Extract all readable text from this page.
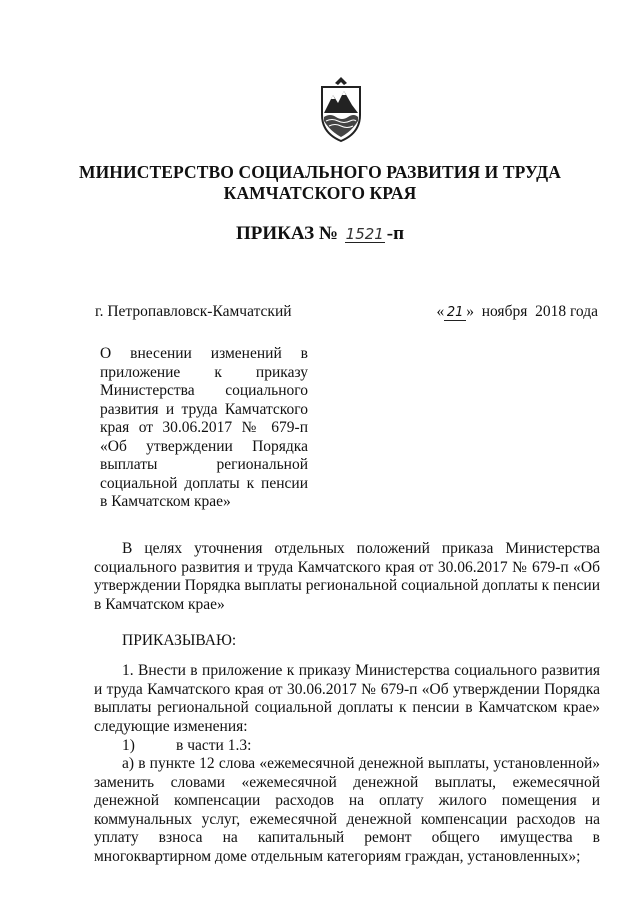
МИНИСТЕРСТВО СОЦИАЛЬНОГО РАЗВИТИЯ И ТРУДА
КАМЧАТСКОГО КРАЯ
ПРИКАЗ № 1521 -п
г. Петропавловск-Камчатский	« 21 »  ноября  2018 года
О внесении изменений в приложение к приказу Министерства социального развития и труда Камчатского края от 30.06.2017 № 679-п «Об утверждении Порядка выплаты региональной социальной доплаты к пенсии в Камчатском крае»

В целях уточнения отдельных положений приказа Министерства социального развития и труда Камчатского края от 30.06.2017 № 679-п «Об утверждении Порядка выплаты региональной социальной доплаты к пенсии в Камчатском крае»

ПРИКАЗЫВАЮ:

1. Внести в приложение к приказу Министерства социального развития и труда Камчатского края от 30.06.2017 № 679-п «Об утверждении Порядка выплаты региональной социальной доплаты к пенсии в Камчатском крае» следующие изменения:

1)	в части 1.3:

а) в пункте 12 слова «ежемесячной денежной выплаты, установленной» заменить словами «ежемесячной денежной выплаты, ежемесячной денежной компенсации расходов на оплату жилого помещения и коммунальных услуг, ежемесячной денежной компенсации расходов на уплату взноса на капитальный ремонт общего имущества в многоквартирном доме отдельным категориям граждан, установленных»;
